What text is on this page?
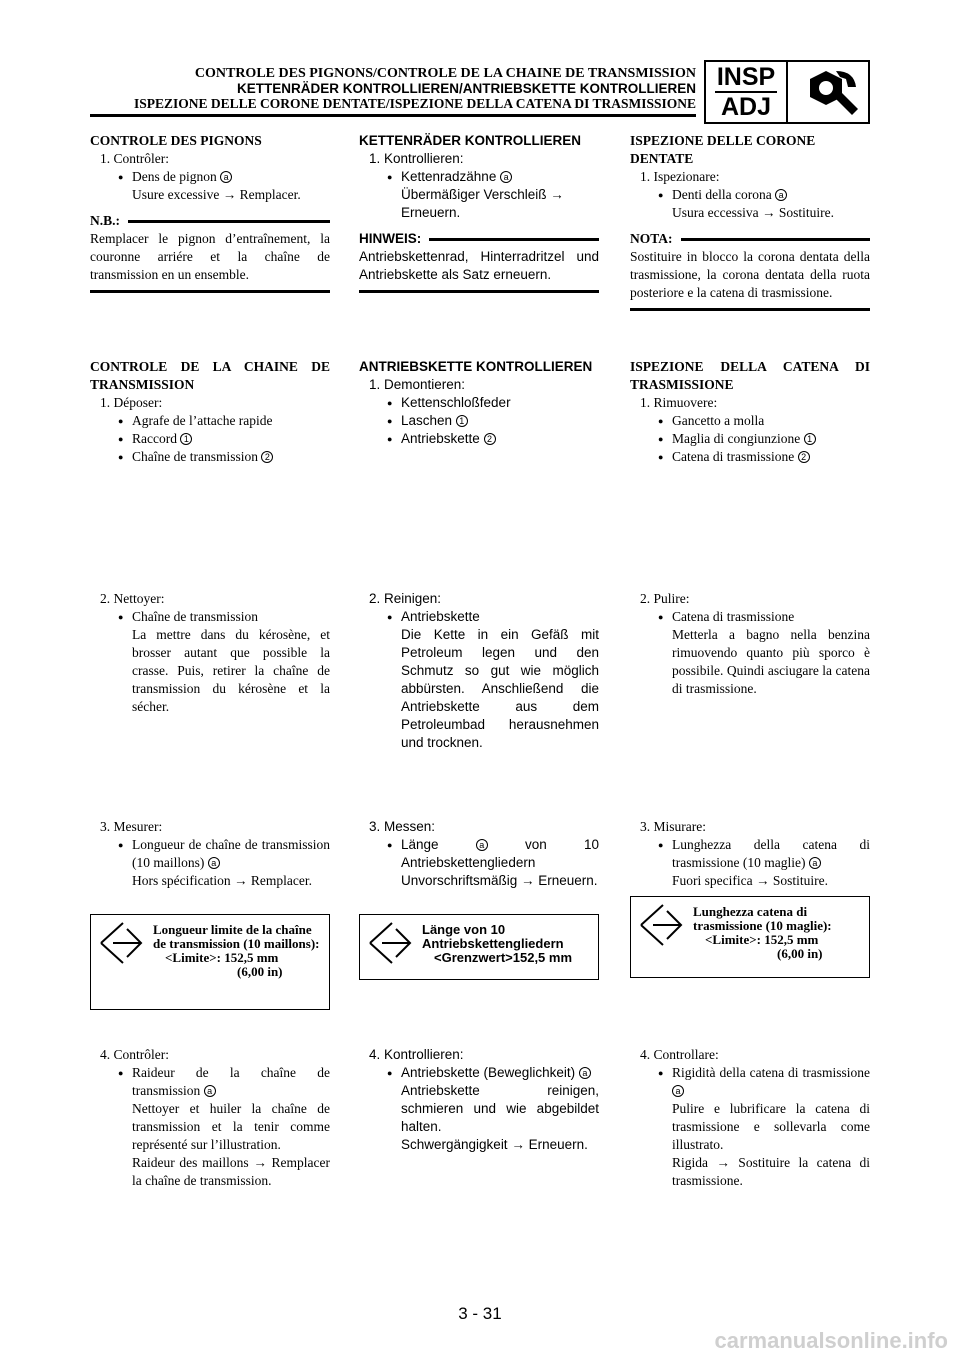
CONTROLE DES PIGNONS/CONTROLE DE LA CHAINE DE TRANSMISSION
KETTENRÄDER KONTROLLIEREN/ANTRIEBSKETTE KONTROLLIEREN
ISPEZIONE DELLE CORONE DENTATE/ISPEZIONE DELLA CATENA DI TRASMISSIONE
INSP
ADJ
CONTROLE DES PIGNONS
1. Contrôler:
● Dens de pignon a
Usure excessive → Remplacer.
N.B.:
Remplacer le pignon d’entraînement, la couronne arriére et la chaîne de transmission en un ensemble.
CONTROLE DE LA CHAINE DE TRANSMISSION
1. Déposer:
● Agrafe de l’attache rapide
● Raccord 1
● Chaîne de transmission 2
2. Nettoyer:
● Chaîne de transmission
La mettre dans du kérosène, et brosser autant que possible la crasse. Puis, retirer la chaîne de transmission du kérosène et la sécher.
3. Mesurer:
● Longueur de chaîne de transmission (10 maillons) a
Hors spécification → Remplacer.
Longueur limite de la chaîne de transmission (10 maillons):
<Limite>: 152,5 mm
(6,00 in)
4. Contrôler:
● Raideur de la chaîne de transmission a
Nettoyer et huiler la chaîne de transmission et la tenir comme représenté sur l’illustration.
Raideur des maillons → Remplacer la chaîne de transmission.
KETTENRÄDER KONTROLLIEREN
1. Kontrollieren:
● Kettenradzähne a
Übermäßiger Verschleiß → Erneuern.
HINWEIS:
Antriebskettenrad, Hinterradritzel und Antriebskette als Satz erneuern.
ANTRIEBSKETTE KONTROLLIEREN
1. Demontieren:
● Kettenschloßfeder
● Laschen 1
● Antriebskette 2
2. Reinigen:
● Antriebskette
Die Kette in ein Gefäß mit Petroleum legen und den Schmutz so gut wie möglich abbürsten. Anschließend die Antriebskette aus dem Petroleumbad herausnehmen und trocknen.
3. Messen:
● Länge	a	von 10 Antriebskettengliedern
Unvorschriftsmäßig → Erneuern.
Länge von 10 Antriebskettengliedern
<Grenzwert>152,5 mm
4. Kontrollieren:
● Antriebskette (Beweglichkeit) a
Antriebskette reinigen, schmieren und wie abgebildet halten.
Schwergängigkeit → Erneuern.
ISPEZIONE DELLE CORONE DENTATE
1. Ispezionare:
● Denti della corona a
Usura eccessiva → Sostituire.
NOTA:
Sostituire in blocco la corona dentata della trasmissione, la corona dentata della ruota posteriore e la catena di trasmissione.
ISPEZIONE DELLA CATENA DI TRASMISSIONE
1. Rimuovere:
● Gancetto a molla
● Maglia di congiunzione 1
● Catena di trasmissione 2
2. Pulire:
● Catena di trasmissione
Metterla a bagno nella benzina rimuovendo quanto più sporco è possibile. Quindi asciugare la catena di trasmissione.
3. Misurare:
● Lunghezza della catena di trasmissione (10 maglie) a
Fuori specifica → Sostituire.
Lunghezza catena di trasmissione (10 maglie):
<Limite>: 152,5 mm
(6,00 in)
4. Controllare:
● Rigidità della catena di trasmissione a
Pulire e lubrificare la catena di trasmissione e sollevarla come illustrato.
Rigida → Sostituire la catena di trasmissione.
3 - 31
carmanualsonline.info
